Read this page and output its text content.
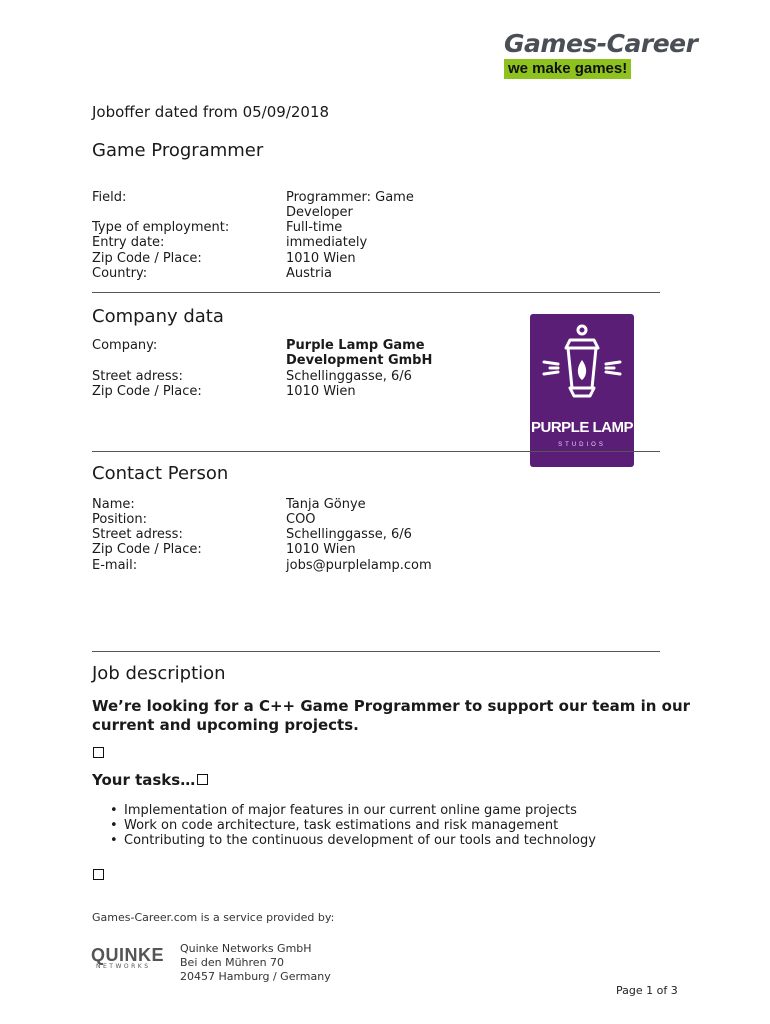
Games-Career
we make games!
Joboffer dated from 05/09/2018
Game Programmer
Field:	Programmer: Game
Developer
Type of employment:	Full-time
Entry date:	immediately
Zip Code / Place:	1010 Wien
Country:	Austria
Company data
Company:	Purple Lamp Game
Development GmbH
Street adress:	Schellinggasse, 6/6
Zip Code / Place:	1010 Wien
PURPLE LAMP
STUDIOS
Contact Person
Name:	Tanja Gönye
Position:	COO
Street adress:	Schellinggasse, 6/6
Zip Code / Place:	1010 Wien
E-mail:	jobs@purplelamp.com
Job description
We’re looking for a C++ Game Programmer to support our team in our current and upcoming projects.
Your tasks…
• Implementation of major features in our current online game projects
• Work on code architecture, task estimations and risk management
• Contributing to the continuous development of our tools and technology
Games-Career.com is a service provided by:
QUINKE
NETWORKS
Quinke Networks GmbH
Bei den Mühren 70
20457 Hamburg / Germany
Page 1 of 3
